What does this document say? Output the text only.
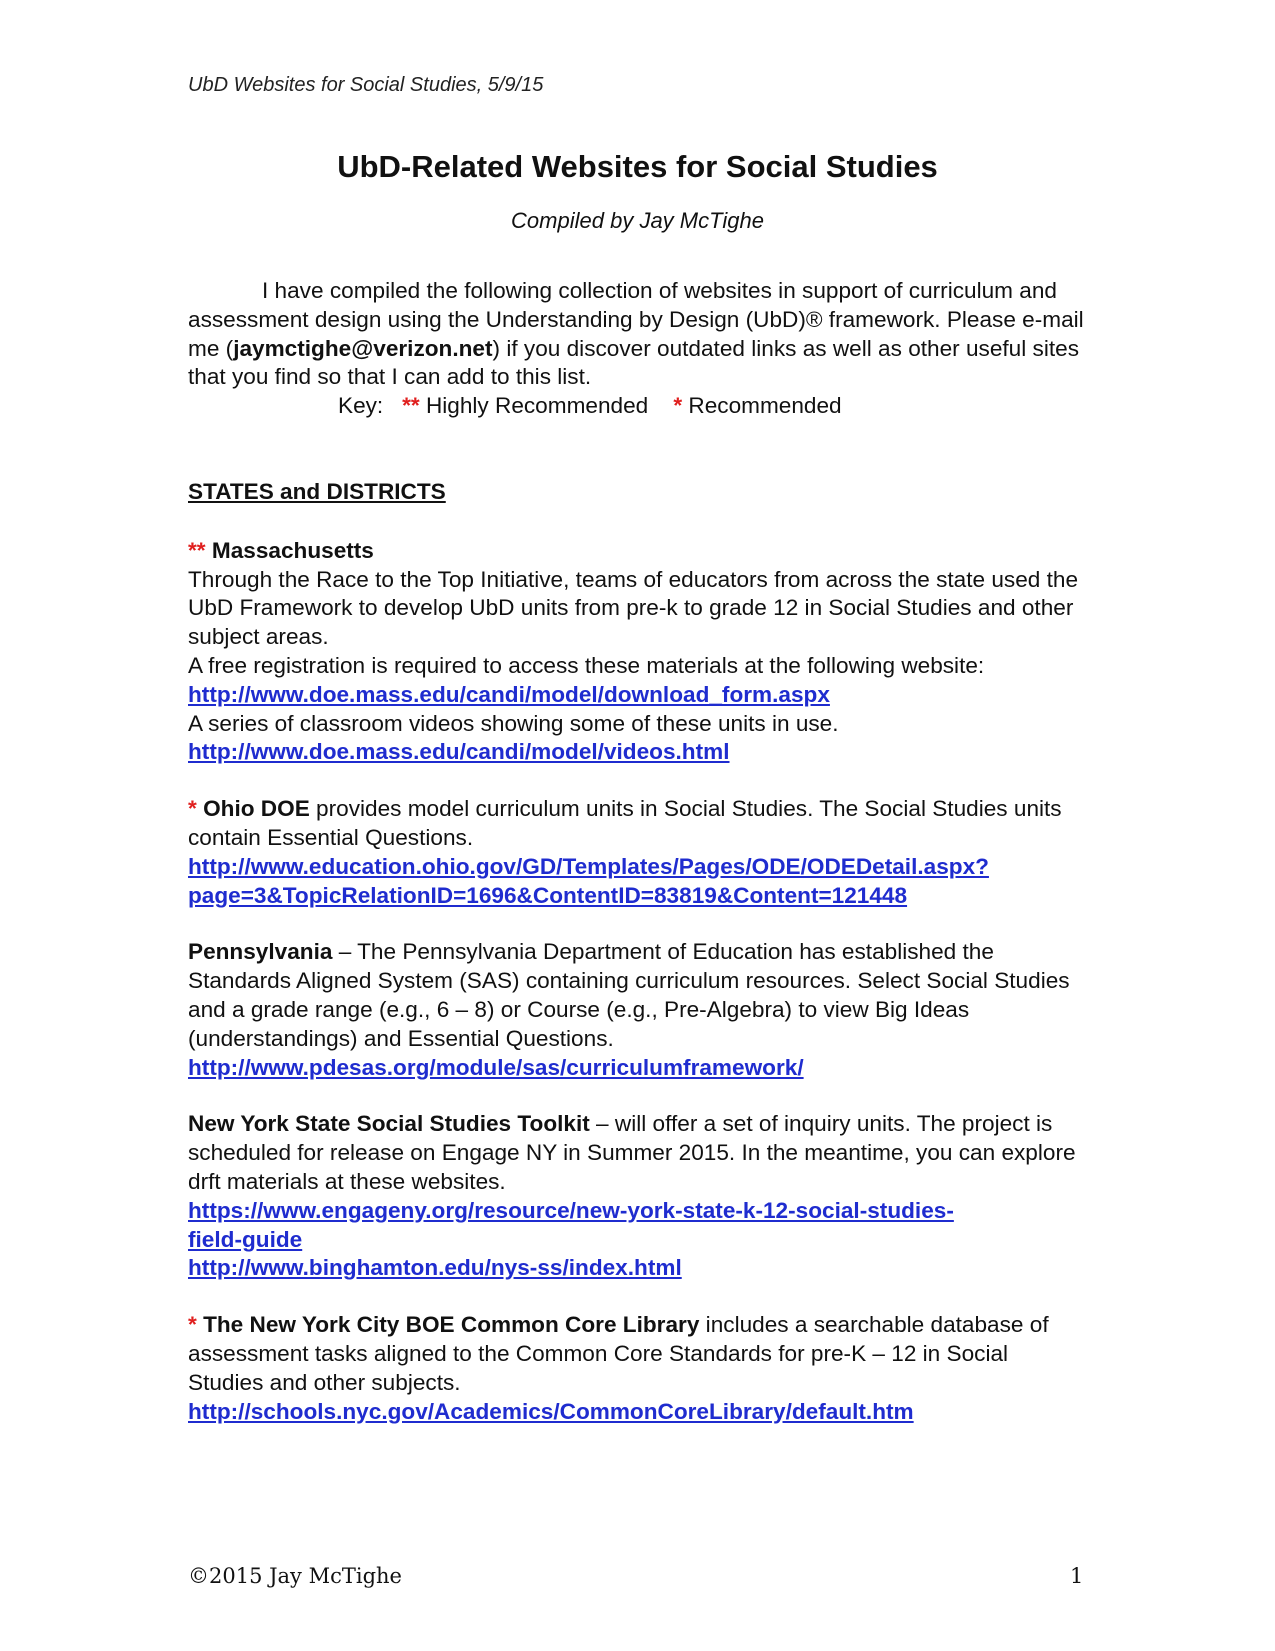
UbD Websites for Social Studies, 5/9/15
UbD-Related Websites for Social Studies
Compiled by Jay McTighe

I have compiled the following collection of websites in support of curriculum and assessment design using the Understanding by Design (UbD)® framework. Please e-mail me (jaymctighe@verizon.net) if you discover outdated links as well as other useful sites that you find so that I can add to this list.

Key: ** Highly Recommended * Recommended

STATES and DISTRICTS

** Massachusetts

Through the Race to the Top Initiative, teams of educators from across the state used the UbD Framework to develop UbD units from pre-k to grade 12 in Social Studies and other subject areas.

A free registration is required to access these materials at the following website:

http://www.doe.mass.edu/candi/model/download_form.aspx

A series of classroom videos showing some of these units in use.

http://www.doe.mass.edu/candi/model/videos.html

* Ohio DOE provides model curriculum units in Social Studies. The Social Studies units contain Essential Questions.

http://www.education.ohio.gov/GD/Templates/Pages/ODE/ODEDetail.aspx?
page=3&TopicRelationID=1696&ContentID=83819&Content=121448

Pennsylvania – The Pennsylvania Department of Education has established the Standards Aligned System (SAS) containing curriculum resources. Select Social Studies and a grade range (e.g., 6 – 8) or Course (e.g., Pre-Algebra) to view Big Ideas (understandings) and Essential Questions.

http://www.pdesas.org/module/sas/curriculumframework/

New York State Social Studies Toolkit – will offer a set of inquiry units. The project is scheduled for release on Engage NY in Summer 2015. In the meantime, you can explore drft materials at these websites.

https://www.engageny.org/resource/new-york-state-k-12-social-studies-
field-guide
http://www.binghamton.edu/nys-ss/index.html

* The New York City BOE Common Core Library includes a searchable database of assessment tasks aligned to the Common Core Standards for pre-K – 12 in Social Studies and other subjects.

http://schools.nyc.gov/Academics/CommonCoreLibrary/default.htm
©2015 Jay McTighe	1
